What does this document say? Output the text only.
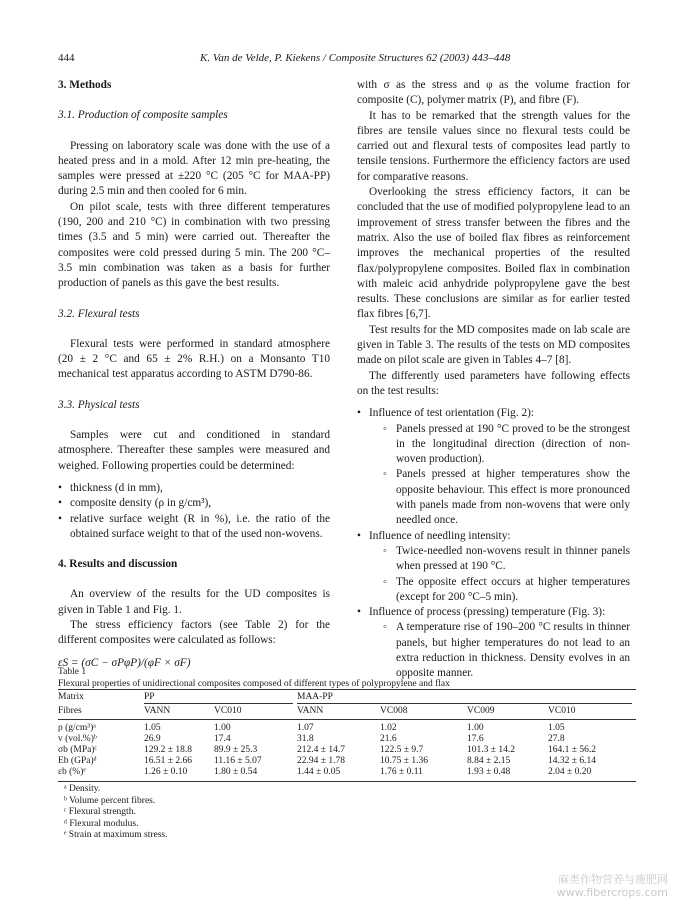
444	K. Van de Velde, P. Kiekens / Composite Structures 62 (2003) 443–448
3. Methods
3.1. Production of composite samples

Pressing on laboratory scale was done with the use of a heated press and in a mold. After 12 min pre-heating, the samples were pressed at ±220 °C (205 °C for MAA-PP) during 2.5 min and then cooled for 6 min.

On pilot scale, tests with three different temperatures (190, 200 and 210 °C) in combination with two pressing times (3.5 and 5 min) were carried out. Thereafter the composites were cold pressed during 5 min. The 200 °C–3.5 min combination was taken as a basis for further production of panels as this gave the best results.

3.2. Flexural tests

Flexural tests were performed in standard atmosphere (20 ± 2 °C and 65 ± 2% R.H.) on a Monsanto T10 mechanical test apparatus according to ASTM D790-86.

3.3. Physical tests

Samples were cut and conditioned in standard atmosphere. Thereafter these samples were measured and weighed. Following properties could be determined:

• thickness (d in mm),
• composite density (ρ in g/cm³),
• relative surface weight (R in %), i.e. the ratio of the obtained surface weight to that of the used non-wovens.
4. Results and discussion

An overview of the results for the UD composites is given in Table 1 and Fig. 1.

The stress efficiency factors (see Table 2) for the different composites were calculated as follows:

εS = (σC − σPφP)/(φF × σF)

with σ as the stress and φ as the volume fraction for composite (C), polymer matrix (P), and fibre (F).

It has to be remarked that the strength values for the fibres are tensile values since no flexural tests could be carried out and flexural tests of composites lead partly to tensile tensions. Furthermore the efficiency factors are used for comparative reasons.

Overlooking the stress efficiency factors, it can be concluded that the use of modified polypropylene lead to an improvement of stress transfer between the fibres and the matrix. Also the use of boiled flax fibres as reinforcement improves the mechanical properties of the resulted flax/polypropylene composites. Boiled flax in combination with maleic acid anhydride polypropylene gave the best results. These conclusions are similar as for earlier tested flax fibres [6,7].

Test results for the MD composites made on lab scale are given in Table 3. The results of the tests on MD composites made on pilot scale are given in Tables 4–7 [8].

The differently used parameters have following effects on the test results:

• Influence of test orientation (Fig. 2):
◦ Panels pressed at 190 °C proved to be the strongest in the longitudinal direction (direction of non-woven production).
◦ Panels pressed at higher temperatures show the opposite behaviour. This effect is more pronounced with panels made from non-wovens that were only needled once.
• Influence of needling intensity:
◦ Twice-needled non-wovens result in thinner panels when pressed at 190 °C.
◦ The opposite effect occurs at higher temperatures (except for 200 °C–5 min).
• Influence of process (pressing) temperature (Fig. 3):
◦ A temperature rise of 190–200 °C results in thinner panels, but higher temperatures do not lead to an extra reduction in thickness. Density evolves in an opposite manner.
Table 1
Flexural properties of unidirectional composites composed of different types of polypropylene and flax
Matrix	PP		MAA-PP			

Fibres	VANN	VC010	VANN	VC008	VC009	VC010
ρ (g/cm³)ᵃ	1.05	1.00	1.07	1.02	1.00	1.05
v (vol.%)ᵇ	26.9	17.4	31.8	21.6	17.6	27.8
σb (MPa)ᶜ	129.2 ± 18.8	89.9 ± 25.3	212.4 ± 14.7	122.5 ± 9.7	101.3 ± 14.2	164.1 ± 56.2
Eb (GPa)ᵈ	16.51 ± 2.66	11.16 ± 5.07	22.94 ± 1.78	10.75 ± 1.36	8.84 ± 2.15	14.32 ± 6.14
εb (%)ᵉ	1.26 ± 0.10	1.80 ± 0.54	1.44 ± 0.05	1.76 ± 0.11	1.93 ± 0.48	2.04 ± 0.20
ᵃ Density.
ᵇ Volume percent fibres.
ᶜ Flexural strength.
ᵈ Flexural modulus.
ᵉ Strain at maximum stress.
麻类作物营养与施肥网
www.fibercrops.com
